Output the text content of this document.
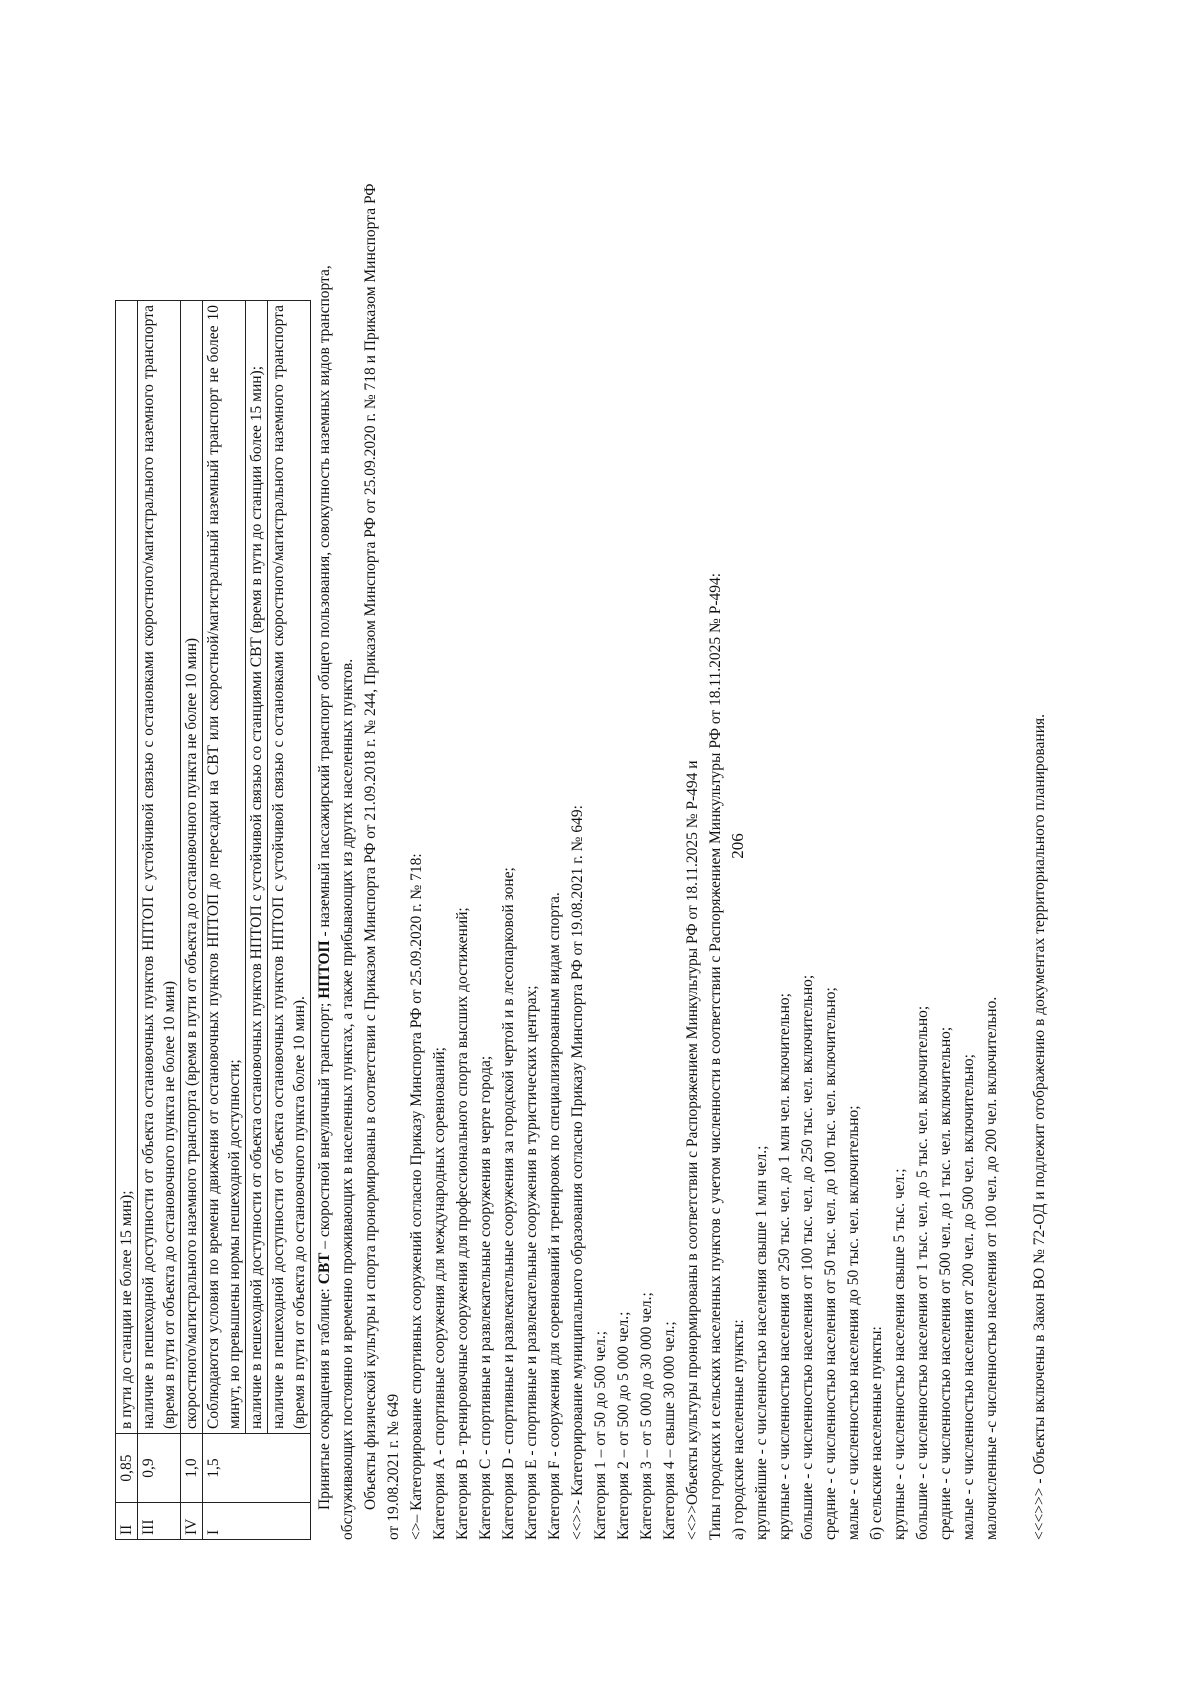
206
II	0,85	в пути до станции не более 15 мин);

III	0,9	наличие в пешеходной доступности от объекта остановочных пунктов НПТОП с устойчивой связью с остановками скоростного/магистрального наземного транспорта (время в пути от объекта до остановочного пункта не более 10 мин)

IV	1,0	скоростного/магистрального наземного транспорта (время в пути от объекта до остановочного пункта не более 10 мин)

I	1,5	Соблюдаются условия по времени движения от остановочных пунктов НПТОП до пересадки на СВТ или скоростной/магистральный наземный транспорт не более 10 минут, но превышены нормы пешеходной доступности; наличие в пешеходной доступности от объекта остановочных пунктов НПТОП с устойчивой связью со станциями СВТ (время в пути до станции более 15 мин); наличие в пешеходной доступности от объекта остановочных пунктов НПТОП с устойчивой связью с остановками скоростного/магистрального наземного транспорта (время в пути от объекта до остановочного пункта более 10 мин). Принятые сокращения в таблице: СВТ – скоростной внеуличный транспорт; НПТОП - наземный пассажирский транспорт общего пользования, совокупность наземных видов транспорта, обслуживающих постоянно и временно проживающих в населенных пунктах, а также прибывающих из других населенных пунктов. Объекты физической культуры и спорта пронормированы в соответствии с Приказом Минспорта РФ от 21.09.2018 г. № 244, Приказом Минспорта РФ от 25.09.2020 г. № 718 и Приказом Минспорта РФ от 19.08.2021 г. № 649 <>– Категорирование спортивных сооружений согласно Приказу Минспорта РФ от 25.09.2020 г. № 718: Категория A - спортивные сооружения для международных соревнований; Категория B - тренировочные сооружения для профессионального спорта высших достижений; Категория C - спортивные и развлекательные сооружения в черте города; Категория D - спортивные и развлекательные сооружения за городской чертой и в лесопарковой зоне; Категория E - спортивные и развлекательные сооружения в туристических центрах; Категория F - сооружения для соревнований и тренировок по специализированным видам спорта. <<>>- Категорирование муниципального образования согласно Приказу Минспорта РФ от 19.08.2021 г. № 649: Категория 1 – от 50 до 500 чел.; Категория 2 – от 500 до 5 000 чел.; Категория 3 – от 5 000 до 30 000 чел.; Категория 4 – свыше 30 000 чел.; <<>>Объекты культуры пронормированы в соответствии с Распоряжением Минкультуры РФ от 18.11.2025 № Р-494 и Типы городских и сельских населенных пунктов с учетом численности в соответствии с Распоряжением Минкультуры РФ от 18.11.2025 № Р-494: а) городские населенные пункты: крупнейшие - с численностью населения свыше 1 млн чел.; крупные - с численностью населения от 250 тыс. чел. до 1 млн чел. включительно; большие - с численностью населения от 100 тыс. чел. до 250 тыс. чел. включительно; средние - с численностью населения от 50 тыс. чел. до 100 тыс. чел. включительно; малые - с численностью населения до 50 тыс. чел. включительно; б) сельские населенные пункты: крупные - с численностью населения свыше 5 тыс. чел.; большие - с численностью населения от 1 тыс. чел. до 5 тыс. чел. включительно; средние - с численностью населения от 500 чел. до 1 тыс. чел. включительно; малые - с численностью населения от 200 чел. до 500 чел. включительно; малочисленные -с численностью населения от 100 чел. до 200 чел. включительно. <<<>>> - Объекты включены в Закон ВО № 72-ОД и подлежит отображению в документах территориального планирования.
